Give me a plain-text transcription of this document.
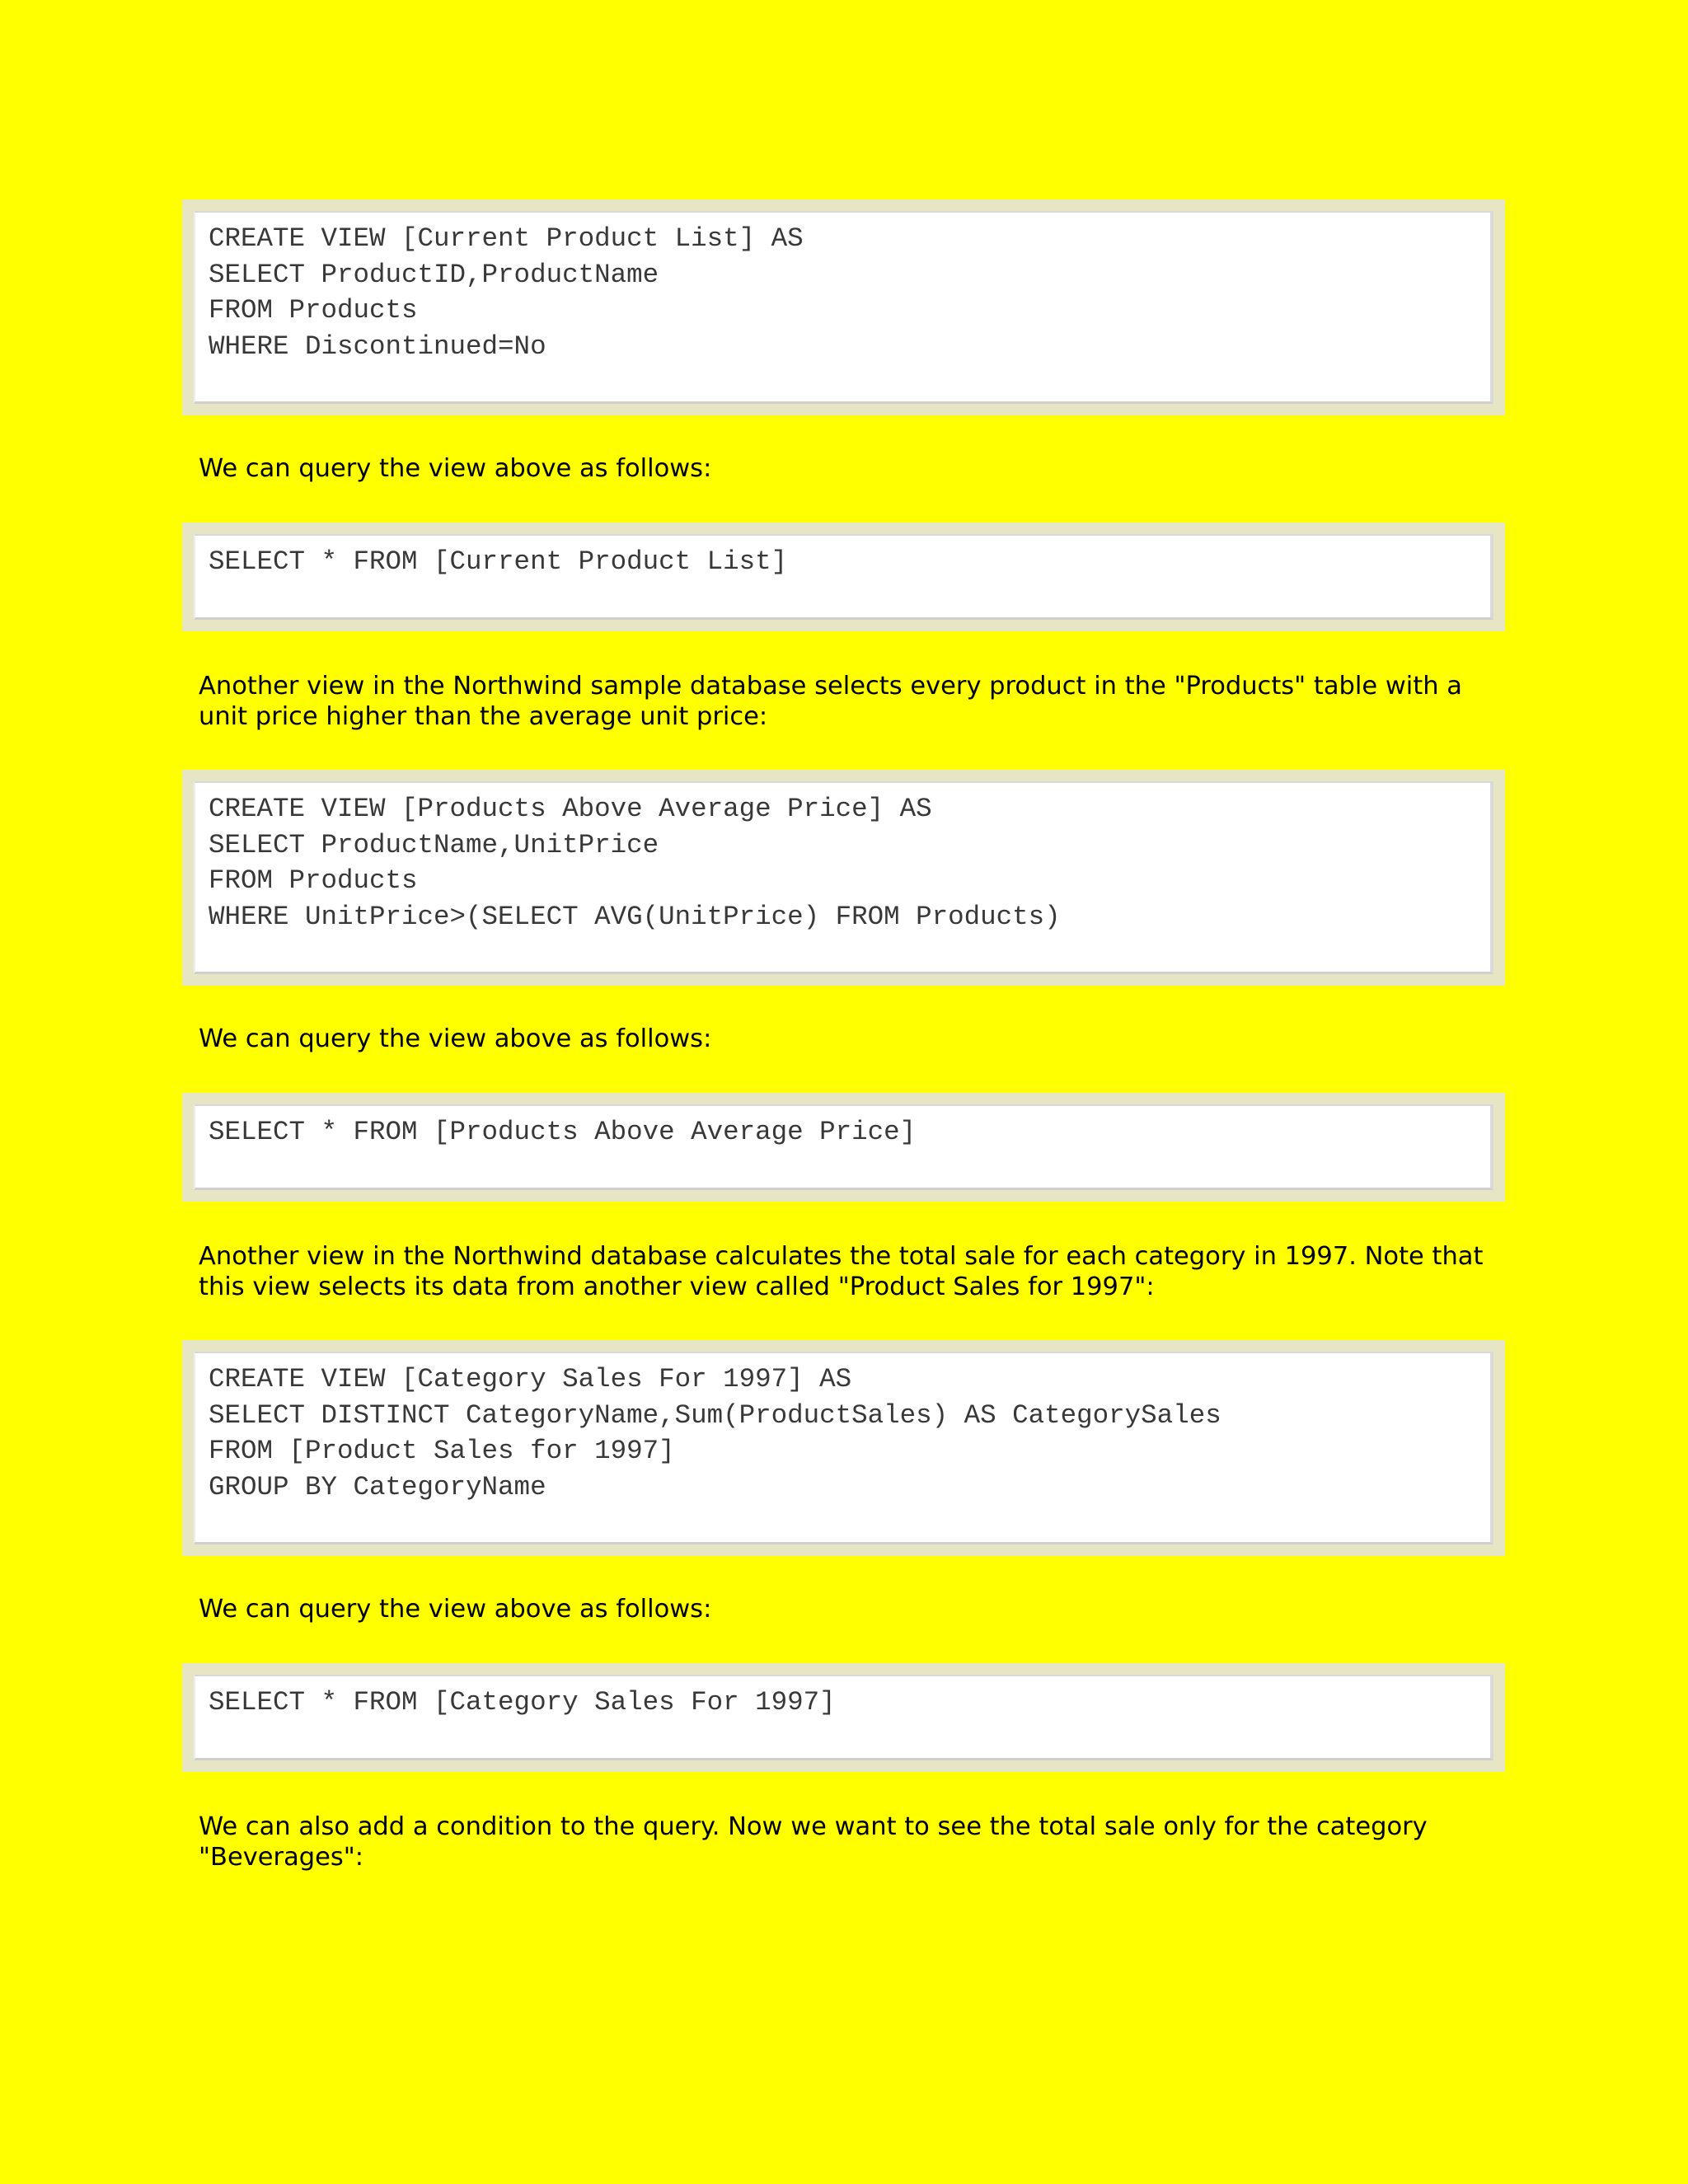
CREATE VIEW [Current Product List] AS
SELECT ProductID,ProductName
FROM Products
WHERE Discontinued=No

We can query the view above as follows:

SELECT * FROM [Current Product List]
Another view in the Northwind sample database selects every product in the "Products" table with a
unit price higher than the average unit price:
CREATE VIEW [Products Above Average Price] AS
SELECT ProductName,UnitPrice
FROM Products
WHERE UnitPrice>(SELECT AVG(UnitPrice) FROM Products)

We can query the view above as follows:

SELECT * FROM [Products Above Average Price]
Another view in the Northwind database calculates the total sale for each category in 1997. Note that
this view selects its data from another view called "Product Sales for 1997":
CREATE VIEW [Category Sales For 1997] AS
SELECT DISTINCT CategoryName,Sum(ProductSales) AS CategorySales
FROM [Product Sales for 1997]
GROUP BY CategoryName

We can query the view above as follows:

SELECT * FROM [Category Sales For 1997]
We can also add a condition to the query. Now we want to see the total sale only for the category
"Beverages":
